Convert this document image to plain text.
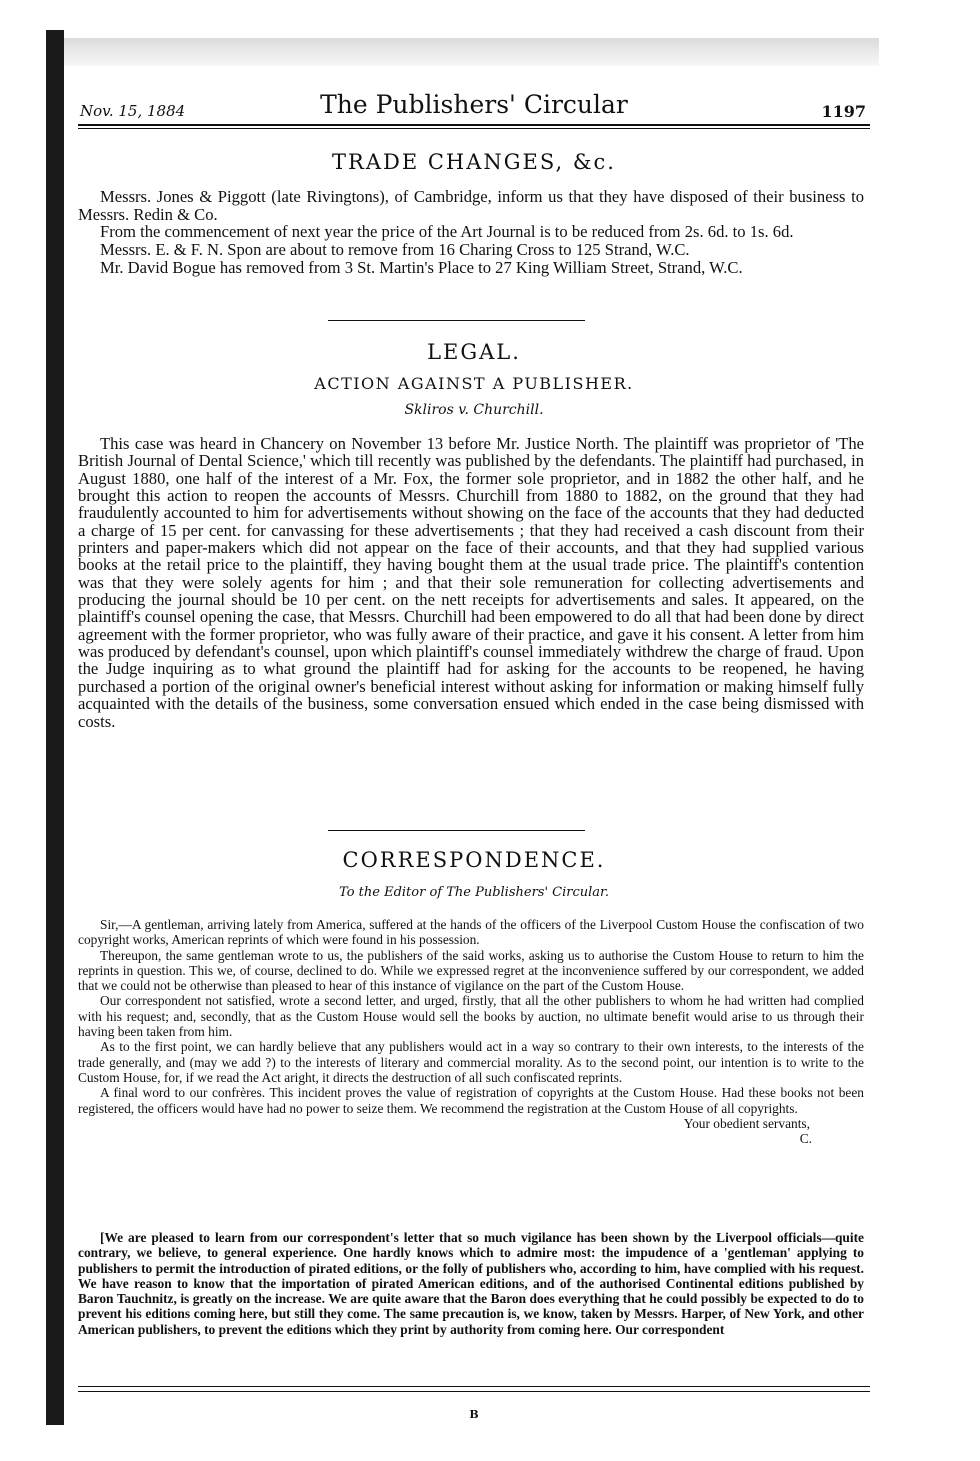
Nov. 15, 1884	The Publishers' Circular	1197
TRADE CHANGES, &c.

Messrs. Jones & Piggott (late Rivingtons), of Cambridge, inform us that they have disposed of their business to Messrs. Redin & Co.

From the commencement of next year the price of the Art Journal is to be reduced from 2s. 6d. to 1s. 6d.

Messrs. E. & F. N. Spon are about to remove from 16 Charing Cross to 125 Strand, W.C.

Mr. David Bogue has removed from 3 St. Martin's Place to 27 King William Street, Strand, W.C.

LEGAL.
ACTION AGAINST A PUBLISHER.
Skliros v. Churchill.

This case was heard in Chancery on November 13 before Mr. Justice North. The plaintiff was proprietor of 'The British Journal of Dental Science,' which till recently was published by the defendants. The plaintiff had purchased, in August 1880, one half of the interest of a Mr. Fox, the former sole proprietor, and in 1882 the other half, and he brought this action to reopen the accounts of Messrs. Churchill from 1880 to 1882, on the ground that they had fraudulently accounted to him for advertisements without showing on the face of the accounts that they had deducted a charge of 15 per cent. for canvassing for these advertisements ; that they had received a cash discount from their printers and paper-makers which did not appear on the face of their accounts, and that they had supplied various books at the retail price to the plaintiff, they having bought them at the usual trade price. The plaintiff's contention was that they were solely agents for him ; and that their sole remuneration for collecting advertisements and producing the journal should be 10 per cent. on the nett receipts for advertisements and sales. It appeared, on the plaintiff's counsel opening the case, that Messrs. Churchill had been empowered to do all that had been done by direct agreement with the former proprietor, who was fully aware of their practice, and gave it his consent. A letter from him was produced by defendant's counsel, upon which plaintiff's counsel immediately withdrew the charge of fraud. Upon the Judge inquiring as to what ground the plaintiff had for asking for the accounts to be reopened, he having purchased a portion of the original owner's beneficial interest without asking for information or making himself fully acquainted with the details of the business, some conversation ensued which ended in the case being dismissed with costs.

CORRESPONDENCE.
To the Editor of The Publishers' Circular.

Sir,—A gentleman, arriving lately from America, suffered at the hands of the officers of the Liverpool Custom House the confiscation of two copyright works, American reprints of which were found in his possession.

Thereupon, the same gentleman wrote to us, the publishers of the said works, asking us to authorise the Custom House to return to him the reprints in question. This we, of course, declined to do. While we expressed regret at the inconvenience suffered by our correspondent, we added that we could not be otherwise than pleased to hear of this instance of vigilance on the part of the Custom House.

Our correspondent not satisfied, wrote a second letter, and urged, firstly, that all the other publishers to whom he had written had complied with his request; and, secondly, that as the Custom House would sell the books by auction, no ultimate benefit would arise to us through their having been taken from him.

As to the first point, we can hardly believe that any publishers would act in a way so contrary to their own interests, to the interests of the trade generally, and (may we add ?) to the interests of literary and commercial morality. As to the second point, our intention is to write to the Custom House, for, if we read the Act aright, it directs the destruction of all such confiscated reprints.

A final word to our confrères. This incident proves the value of registration of copyrights at the Custom House. Had these books not been registered, the officers would have had no power to seize them. We recommend the registration at the Custom House of all copyrights.

Your obedient servants,

C.

[We are pleased to learn from our correspondent's letter that so much vigilance has been shown by the Liverpool officials—quite contrary, we believe, to general experience. One hardly knows which to admire most: the impudence of a 'gentleman' applying to publishers to permit the introduction of pirated editions, or the folly of publishers who, according to him, have complied with his request. We have reason to know that the importation of pirated American editions, and of the authorised Continental editions published by Baron Tauchnitz, is greatly on the increase. We are quite aware that the Baron does everything that he could possibly be expected to do to prevent his editions coming here, but still they come. The same precaution is, we know, taken by Messrs. Harper, of New York, and other American publishers, to prevent the editions which they print by authority from coming here. Our correspondent

B
